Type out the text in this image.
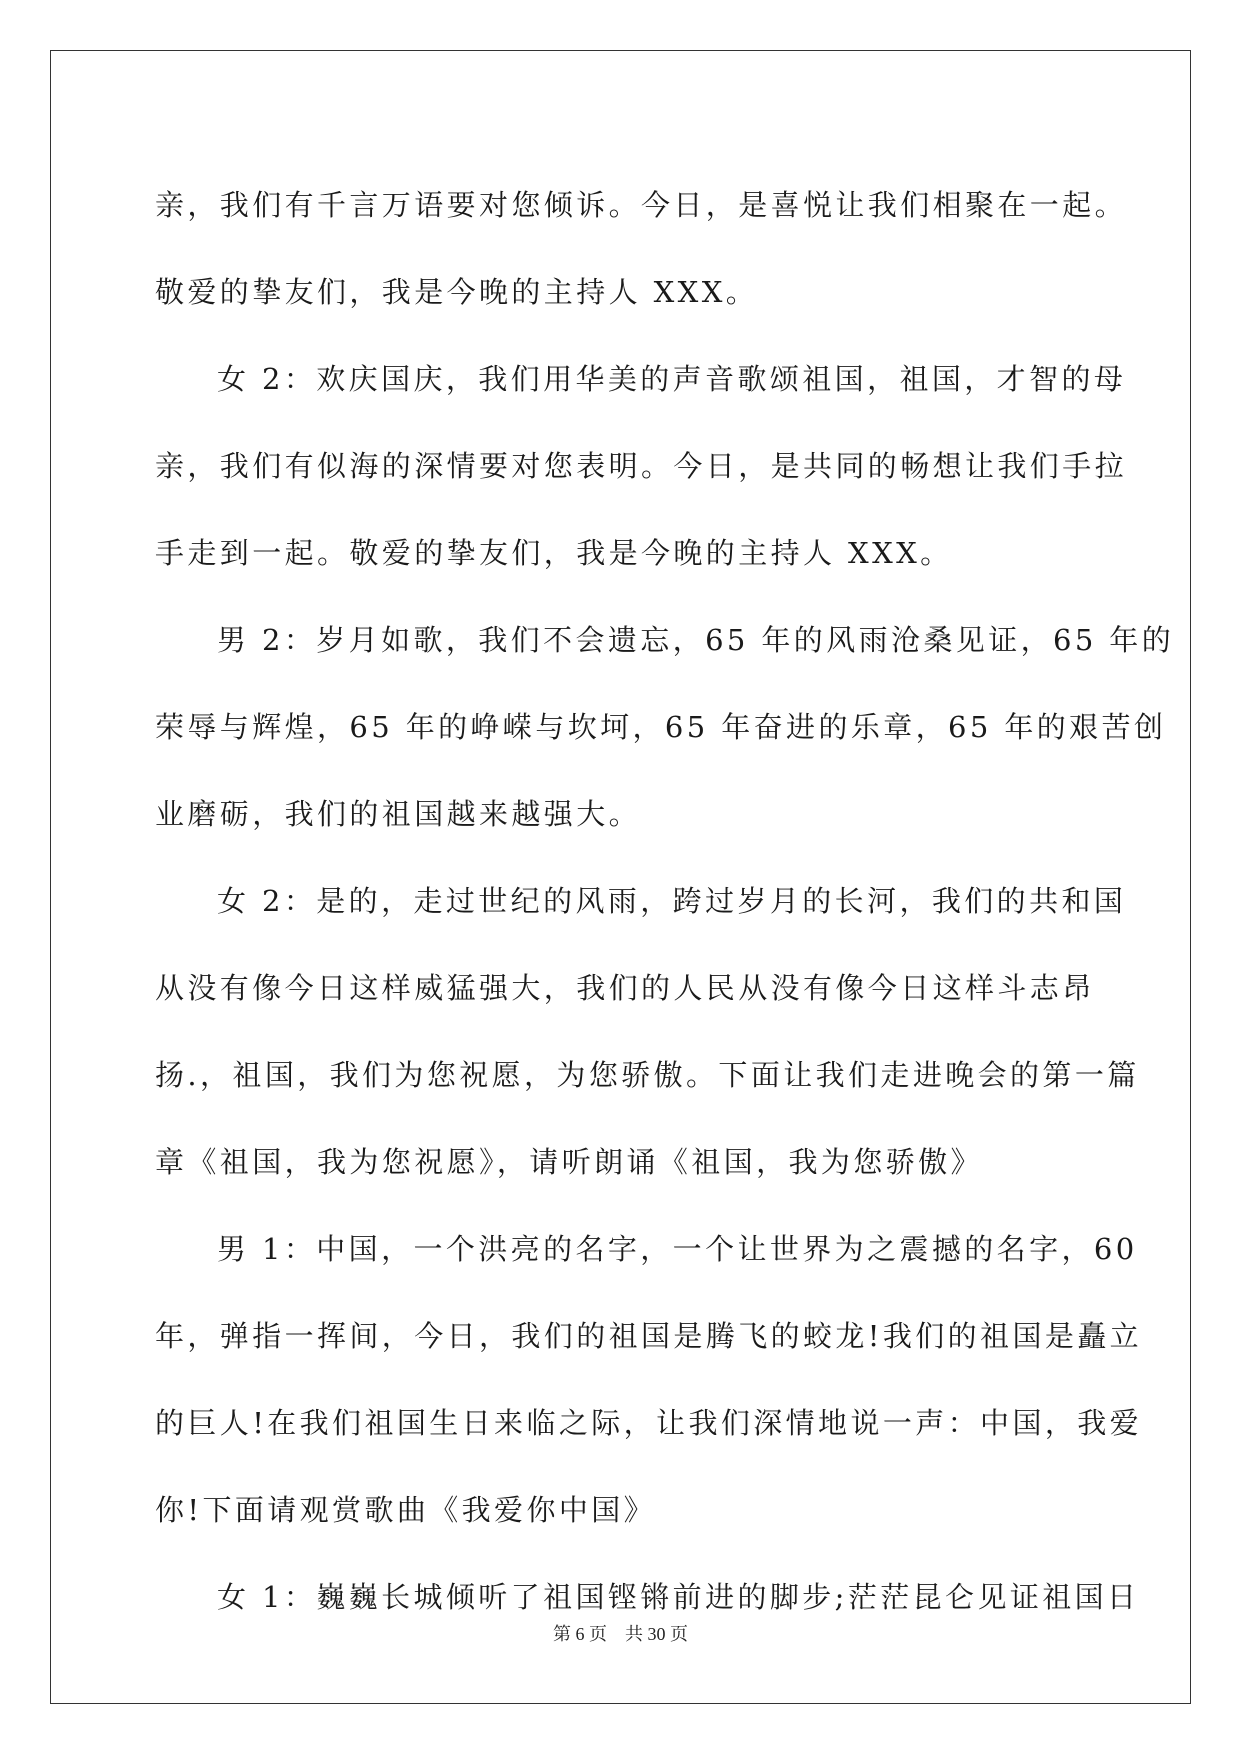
亲，我们有千言万语要对您倾诉。今日，是喜悦让我们相聚在一起。
敬爱的挚友们，我是今晚的主持人 XXX。
女 2：欢庆国庆，我们用华美的声音歌颂祖国，祖国，才智的母
亲，我们有似海的深情要对您表明。今日，是共同的畅想让我们手拉
手走到一起。敬爱的挚友们，我是今晚的主持人 XXX。
男 2：岁月如歌，我们不会遗忘，65 年的风雨沧桑见证，65 年的
荣辱与辉煌，65 年的峥嵘与坎坷，65 年奋进的乐章，65 年的艰苦创
业磨砺，我们的祖国越来越强大。
女 2：是的，走过世纪的风雨，跨过岁月的长河，我们的共和国
从没有像今日这样威猛强大，我们的人民从没有像今日这样斗志昂
扬.，祖国，我们为您祝愿，为您骄傲。下面让我们走进晚会的第一篇
章《祖国，我为您祝愿》，请听朗诵《祖国，我为您骄傲》
男 1：中国，一个洪亮的名字，一个让世界为之震撼的名字，60
年，弹指一挥间，今日，我们的祖国是腾飞的蛟龙!我们的祖国是矗立
的巨人!在我们祖国生日来临之际，让我们深情地说一声：中国，我爱
你!下面请观赏歌曲《我爱你中国》
女 1：巍巍长城倾听了祖国铿锵前进的脚步;茫茫昆仑见证祖国日
第 6 页 共 30 页
